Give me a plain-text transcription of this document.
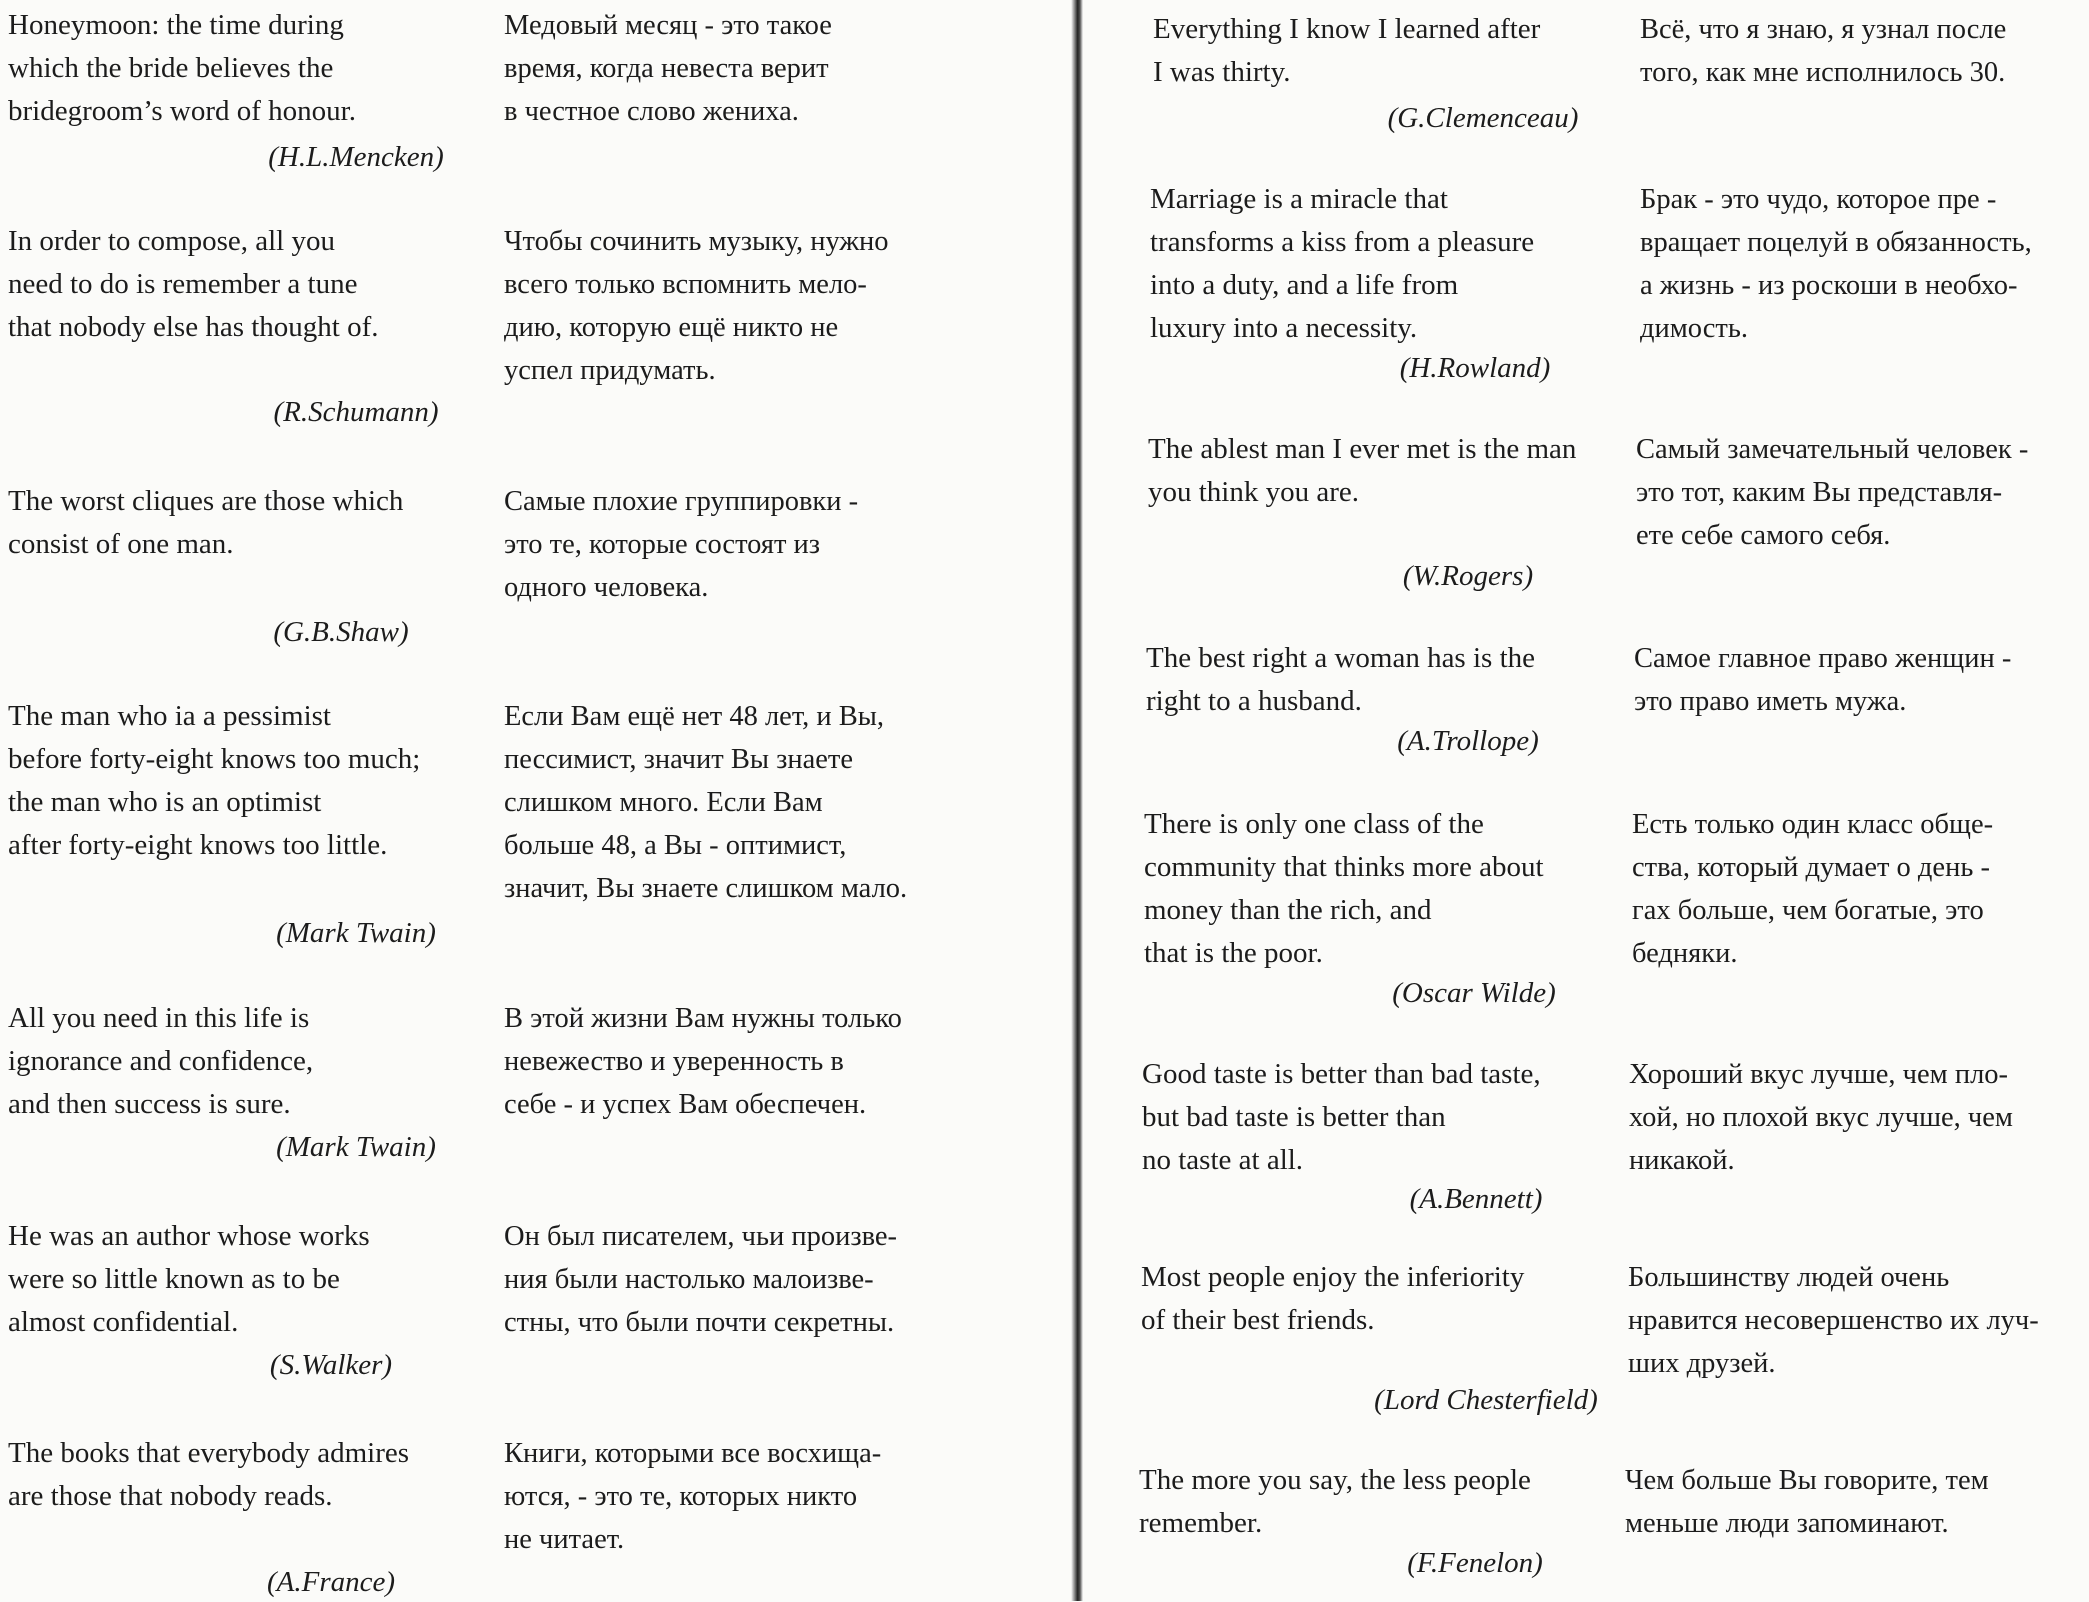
Honeymoon: the time during
which the bride believes the
bridegroom’s word of honour.

Медовый месяц - это такое
время, когда невеста верит
в честное слово жениха.

(H.L.Mencken)

In order to compose, all you
need to do is remember a tune
that nobody else has thought of.

Чтобы сочинить музыку, нужно
всего только вспомнить мело-
дию, которую ещё никто не
успел придумать.

(R.Schumann)

The worst cliques are those which
consist of one man.

Самые плохие группировки -
это те, которые состоят из
одного человека.

(G.B.Shaw)

The man who ia a pessimist
before forty-eight knows too much;
the man who is an optimist
after forty-eight knows too little.

Если Вам ещё нет 48 лет, и Вы,
пессимист, значит Вы знаете
слишком много. Если Вам
больше 48, а Вы - оптимист,
значит, Вы знаете слишком мало.

(Mark Twain)

All you need in this life is
ignorance and confidence,
and then success is sure.

В этой жизни Вам нужны только
невежество и уверенность в
себе - и успех Вам обеспечен.

(Mark Twain)

He was an author whose works
were so little known as to be
almost confidential.

Он был писателем, чьи произве-
ния были настолько малоизве-
стны, что были почти секретны.

(S.Walker)

The books that everybody admires
are those that nobody reads.

Книги, которыми все восхища-
ются, - это те, которых никто
не читает.

(A.France)

Everything I know I learned after
I was thirty.

Всё, что я знаю, я узнал после
того, как мне исполнилось 30.

(G.Clemenceau)

Marriage is a miracle that
transforms a kiss from a pleasure
into a duty, and a life from
luxury into a necessity.

Брак - это чудо, которое пре -
вращает поцелуй в обязанность,
а жизнь - из роскоши в необхо-
димость.

(H.Rowland)

The ablest man I ever met is the man
you think you are.

Самый замечательный человек -
это тот, каким Вы представля-
ете себе самого себя.

(W.Rogers)

The best right a woman has is the
right to a husband.

Самое главное право женщин -
это право иметь мужа.

(A.Trollope)

There is only one class of the
community that thinks more about
money than the rich, and
that is the poor.

Есть только один класс обще-
ства, который думает о день -
гах больше, чем богатые, это
бедняки.

(Oscar Wilde)

Good taste is better than bad taste,
but bad taste is better than
no taste at all.

Хороший вкус лучше, чем пло-
хой, но плохой вкус лучше, чем
никакой.

(A.Bennett)

Most people enjoy the inferiority
of their best friends.

Большинству людей очень
нравится несовершенство их луч-
ших друзей.

(Lord Chesterfield)

The more you say, the less people
remember.

Чем больше Вы говорите, тем
меньше люди запоминают.

(F.Fenelon)
